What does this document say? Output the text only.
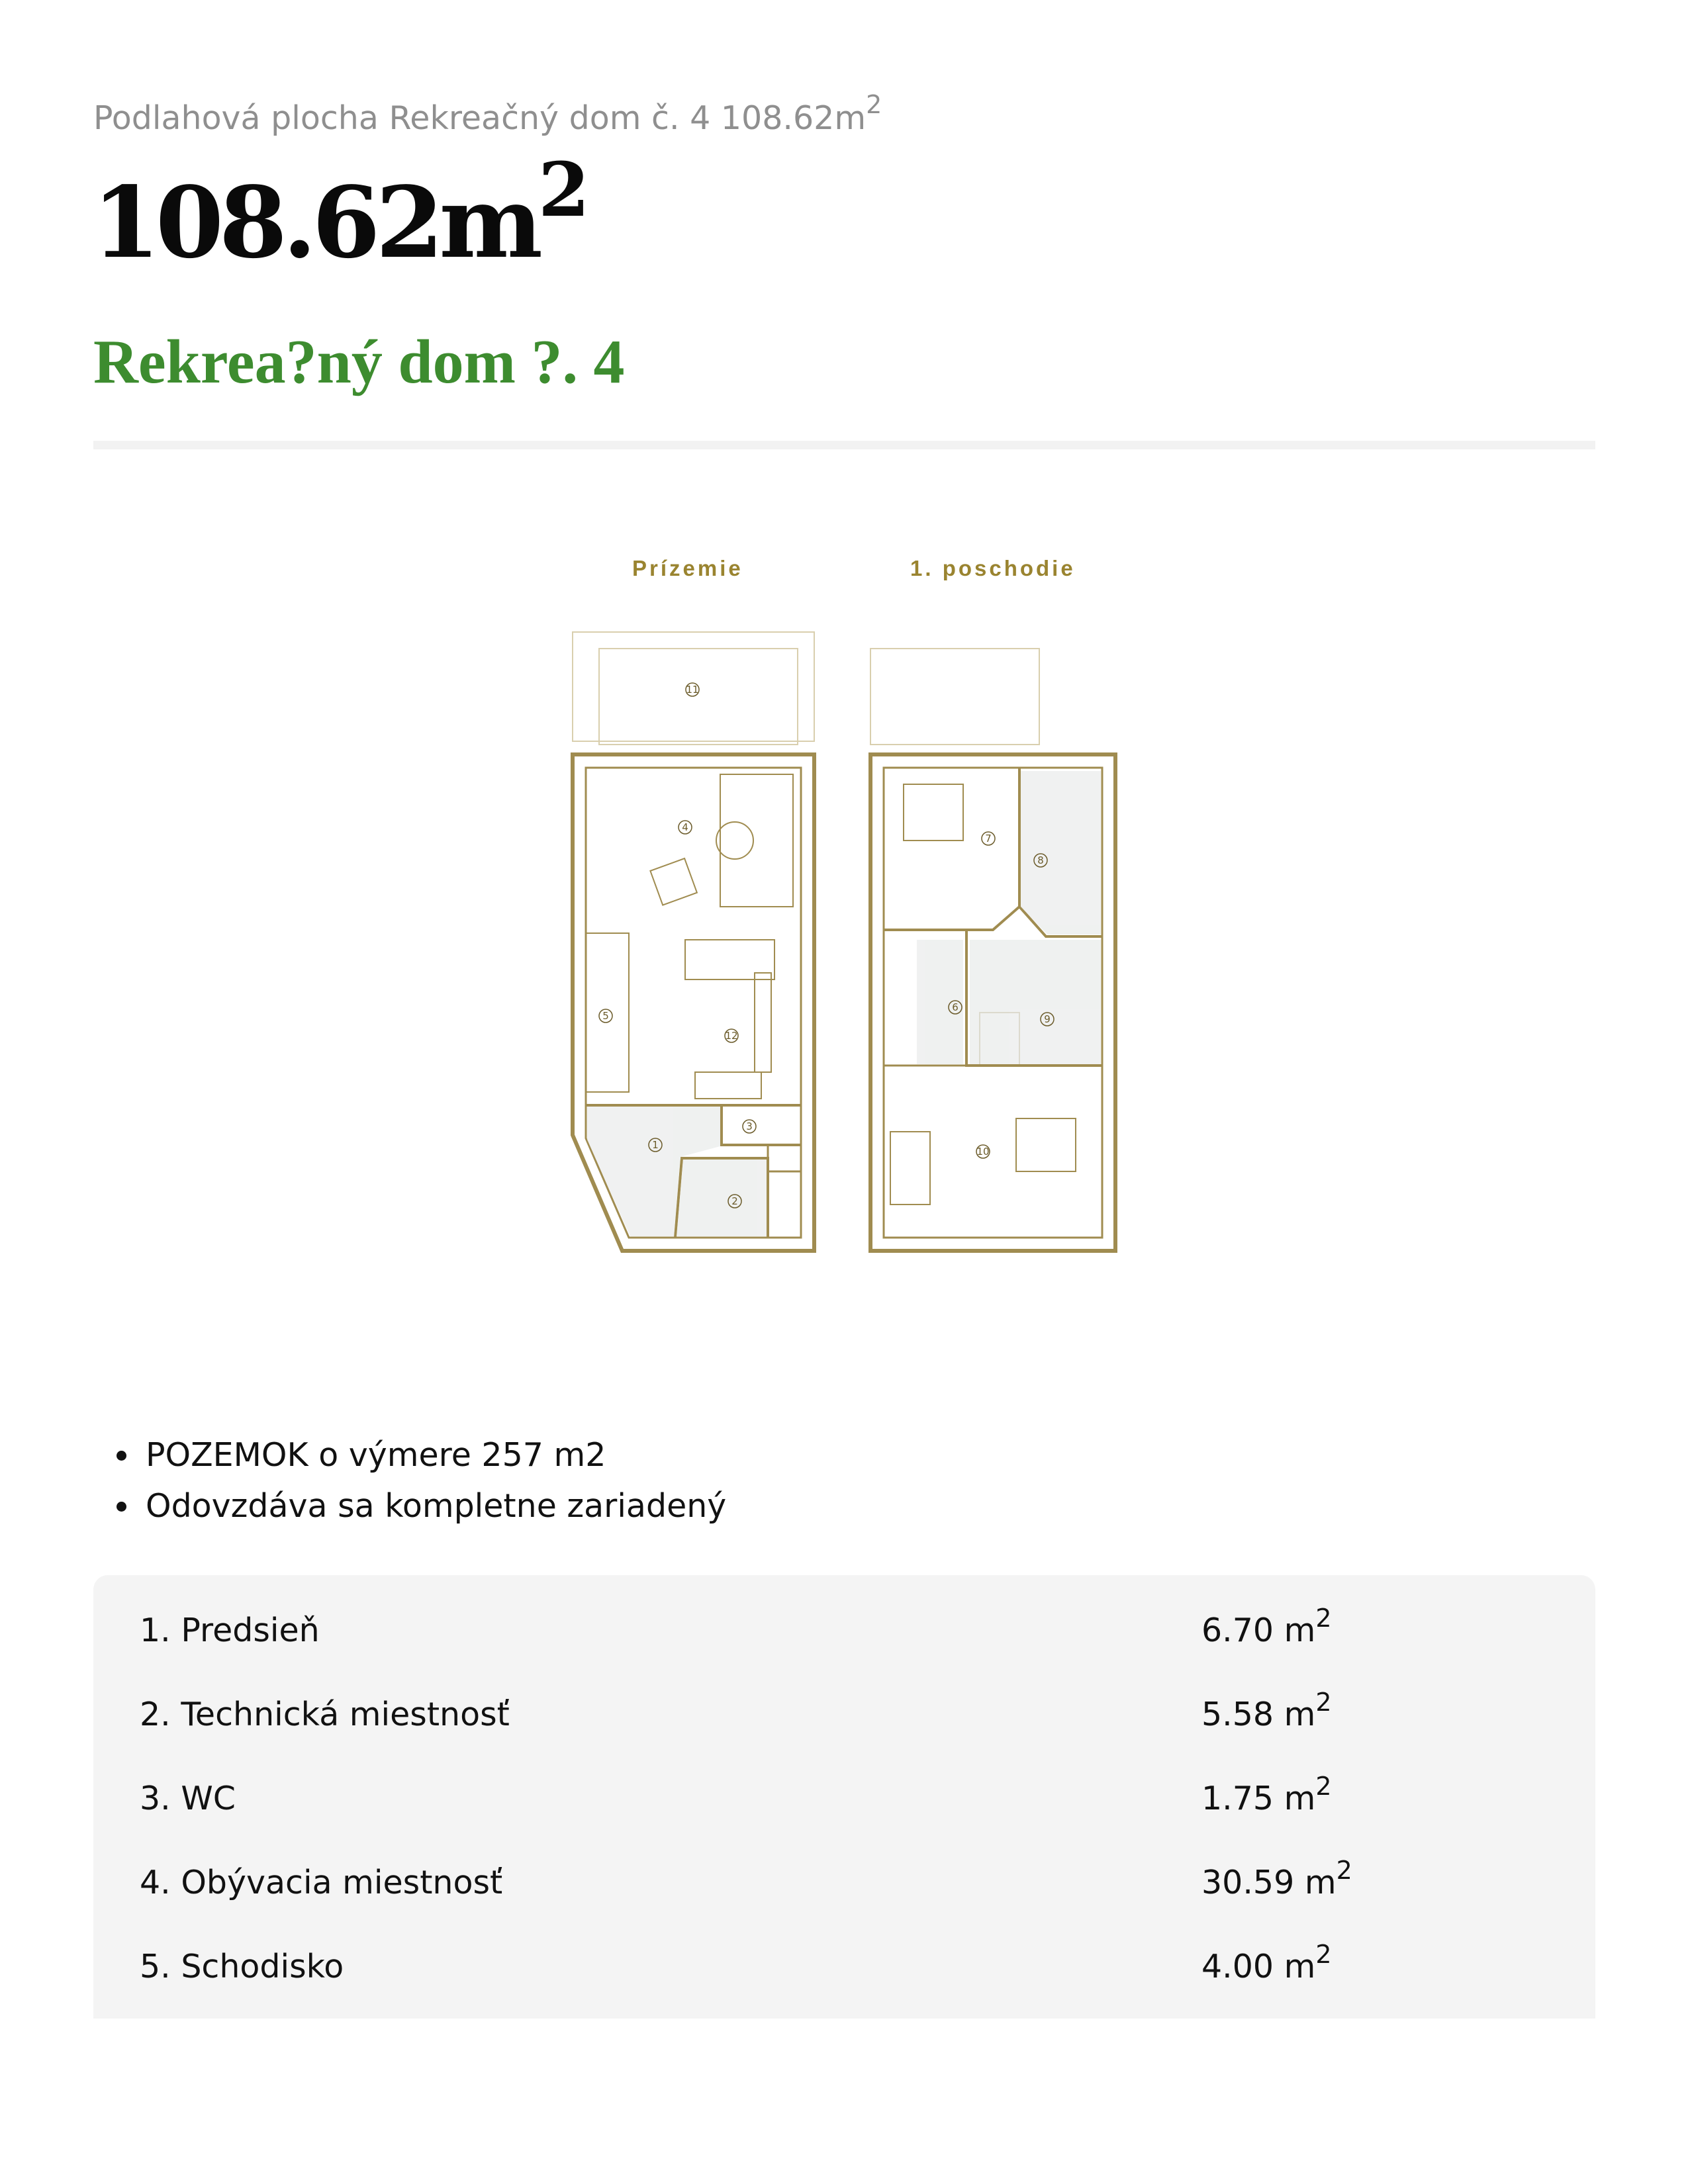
Podlahová plocha Rekreačný dom č. 4 $108.62m^2$
$108.62m^2$
Rekrea?ný dom ?. 4
Prízemie	1. poschodie
11
4
5
12
1
3
2
7
8
6
9
10
POZEMOK o výmere 257 m2
Odovzdáva sa kompletne zariadený
1. Predsieň	6.70 $m^2$
2. Technická miestnosť	5.58 $m^2$
3. WC	1.75 $m^2$
4. Obývacia miestnosť	30.59 $m^2$
5. Schodisko	4.00 $m^2$
